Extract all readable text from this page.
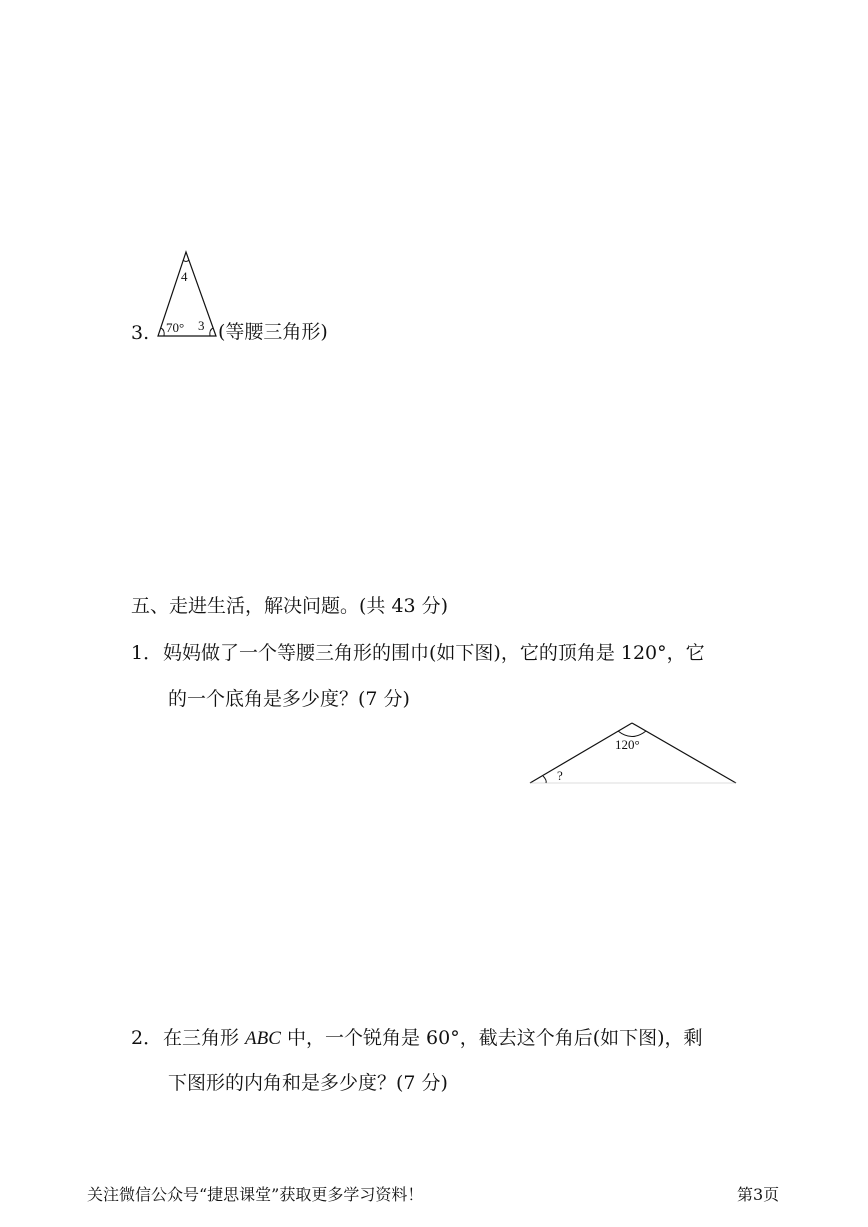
4
70° 3
3.	(等腰三角形)
五、走进生活，解决问题。(共 43 分)
1． 妈妈做了一个等腰三角形的围巾(如下图)，它的顶角是 120°，它
的一个底角是多少度？(7 分)
120°
?
2． 在三角形 ABC 中，一个锐角是 60°，截去这个角后(如下图)，剩
下图形的内角和是多少度？(7 分)
关注微信公众号“捷思课堂”获取更多学习资料！	第3页
